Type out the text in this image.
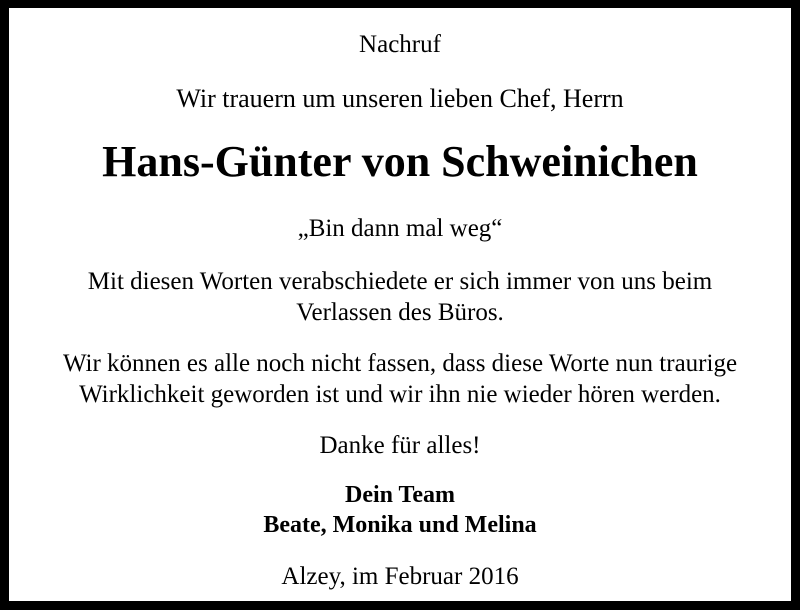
Nachruf
Wir trauern um unseren lieben Chef, Herrn
Hans-Günter von Schweinichen
„Bin dann mal weg“
Mit diesen Worten verabschiedete er sich immer von uns beim Verlassen des Büros.
Wir können es alle noch nicht fassen, dass diese Worte nun traurige Wirklichkeit geworden ist und wir ihn nie wieder hören werden.
Danke für alles!
Dein Team
Beate, Monika und Melina
Alzey, im Februar 2016
